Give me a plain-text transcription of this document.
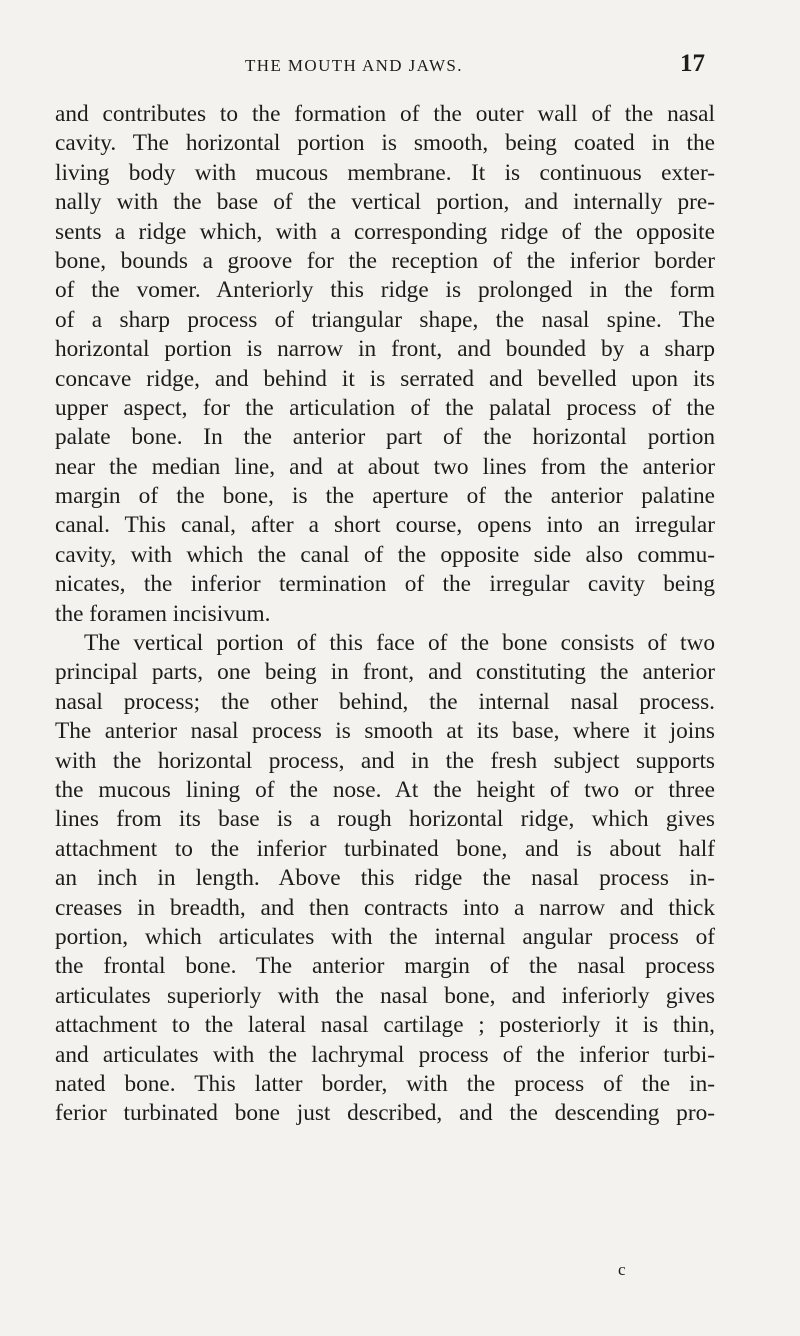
THE MOUTH AND JAWS.	17
and contributes to the formation of the outer wall of the nasal
cavity. The horizontal portion is smooth, being coated in the
living body with mucous membrane. It is continuous exter-
nally with the base of the vertical portion, and internally pre-
sents a ridge which, with a corresponding ridge of the opposite
bone, bounds a groove for the reception of the inferior border
of the vomer. Anteriorly this ridge is prolonged in the form
of a sharp process of triangular shape, the nasal spine. The
horizontal portion is narrow in front, and bounded by a sharp
concave ridge, and behind it is serrated and bevelled upon its
upper aspect, for the articulation of the palatal process of the
palate bone. In the anterior part of the horizontal portion
near the median line, and at about two lines from the anterior
margin of the bone, is the aperture of the anterior palatine
canal. This canal, after a short course, opens into an irregular
cavity, with which the canal of the opposite side also commu-
nicates, the inferior termination of the irregular cavity being
the foramen incisivum.
The vertical portion of this face of the bone consists of two
principal parts, one being in front, and constituting the anterior
nasal process; the other behind, the internal nasal process.
The anterior nasal process is smooth at its base, where it joins
with the horizontal process, and in the fresh subject supports
the mucous lining of the nose. At the height of two or three
lines from its base is a rough horizontal ridge, which gives
attachment to the inferior turbinated bone, and is about half
an inch in length. Above this ridge the nasal process in-
creases in breadth, and then contracts into a narrow and thick
portion, which articulates with the internal angular process of
the frontal bone. The anterior margin of the nasal process
articulates superiorly with the nasal bone, and inferiorly gives
attachment to the lateral nasal cartilage ; posteriorly it is thin,
and articulates with the lachrymal process of the inferior turbi-
nated bone. This latter border, with the process of the in-
ferior turbinated bone just described, and the descending pro-
c
